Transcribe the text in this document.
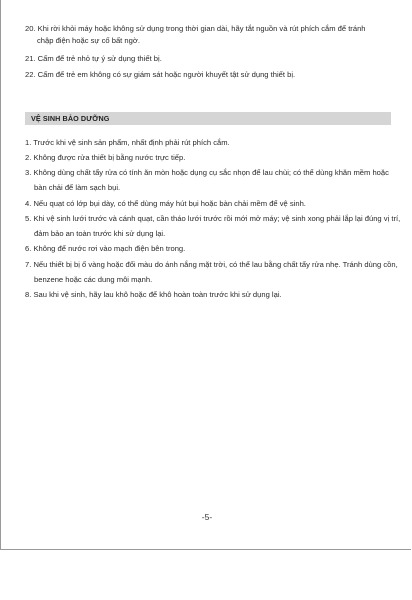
20. Khi rời khỏi máy hoặc không sử dụng trong thời gian dài, hãy tắt nguồn và rút phích cắm để tránh
chập điện hoặc sự cố bất ngờ.
21. Cấm để trẻ nhỏ tự ý sử dụng thiết bị.
22. Cấm để trẻ em không có sự giám sát hoặc người khuyết tật sử dụng thiết bị.
VỆ SINH BẢO DƯỠNG
1. Trước khi vệ sinh sản phẩm, nhất định phải rút phích cắm.
2. Không được rửa thiết bị bằng nước trực tiếp.
3. Không dùng chất tẩy rửa có tính ăn mòn hoặc dụng cụ sắc nhọn để lau chùi; có thể dùng khăn mềm hoặc
bàn chải để làm sạch bụi.
4. Nếu quạt có lớp bụi dày, có thể dùng máy hút bụi hoặc bàn chải mềm để vệ sinh.
5. Khi vệ sinh lưới trước và cánh quạt, cần tháo lưới trước rồi mới mở máy; vệ sinh xong phải lắp lại đúng vị trí,
đảm bảo an toàn trước khi sử dụng lại.
6. Không để nước rơi vào mạch điện bên trong.
7. Nếu thiết bị bị ố vàng hoặc đổi màu do ánh nắng mặt trời, có thể lau bằng chất tẩy rửa nhẹ. Tránh dùng cồn,
benzene hoặc các dung môi mạnh.
8. Sau khi vệ sinh, hãy lau khô hoặc để khô hoàn toàn trước khi sử dụng lại.
-5-
